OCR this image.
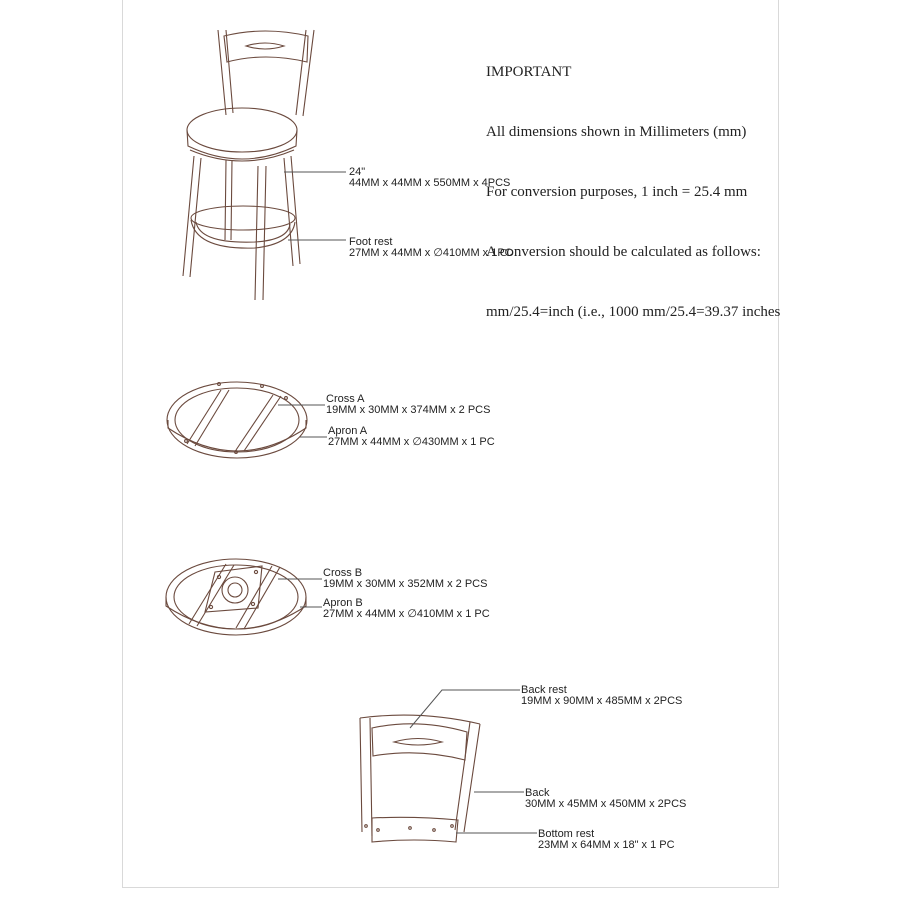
IMPORTANT

All dimensions shown in Millimeters (mm)

For conversion purposes, 1 inch = 25.4 mm

A conversion should be calculated as follows:

mm/25.4=inch (i.e., 1000 mm/25.4=39.37 inches

24"
44MM x 44MM x 550MM x 4PCS
Foot rest
27MM x 44MM x ∅410MM x 1PC
Cross A
19MM x 30MM x 374MM x 2 PCS
Apron A
27MM x 44MM x ∅430MM x 1 PC
Cross B
19MM x 30MM x 352MM x 2 PCS
Apron B
27MM x 44MM x ∅410MM x 1 PC
Back rest
19MM x 90MM x 485MM x 2PCS
Back
30MM x 45MM x 450MM x 2PCS
Bottom rest
23MM x 64MM x 18" x 1 PC
